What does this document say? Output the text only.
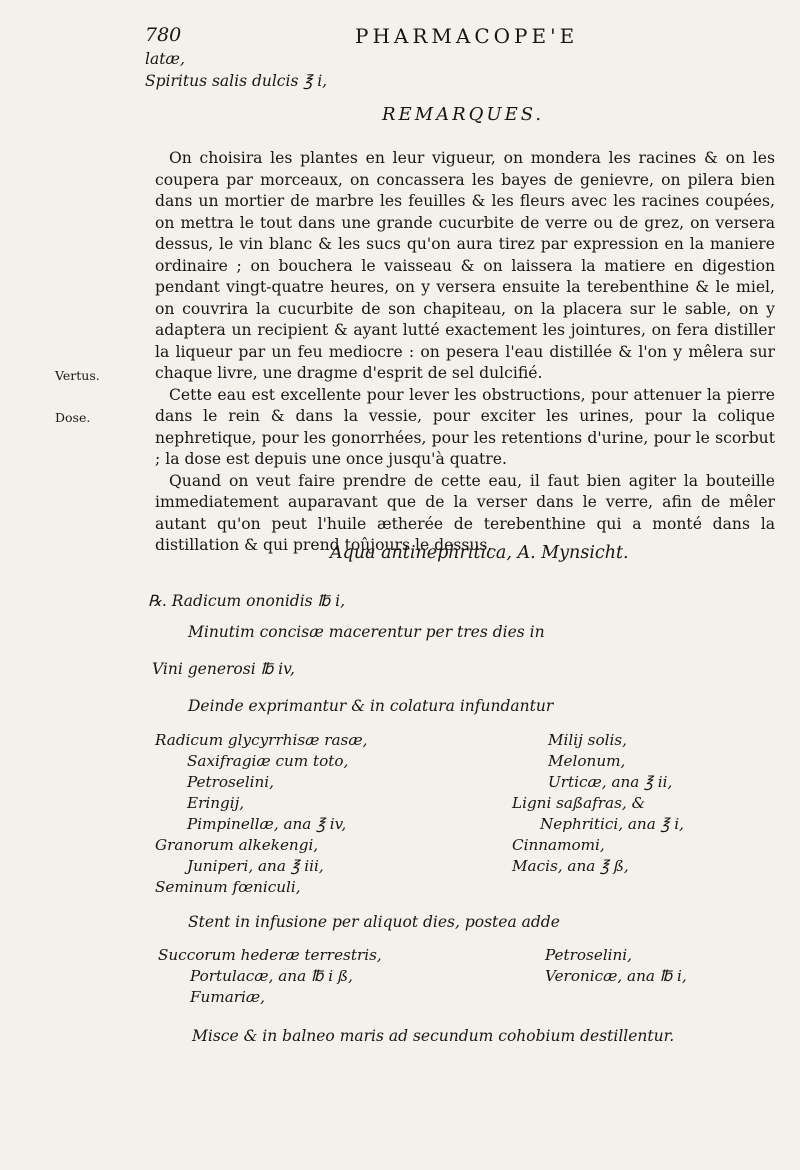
780	PHARMACOPE'E
latæ,
Spiritus salis dulcis ℥ i,
REMARQUES.

On choisira les plantes en leur vigueur, on mondera les racines & on les coupera par morceaux, on concassera les bayes de genievre, on pilera bien dans un mortier de marbre les feuilles & les fleurs avec les racines coupées, on mettra le tout dans une grande cucurbite de verre ou de grez, on versera dessus, le vin blanc & les sucs qu'on aura tirez par expression en la maniere ordinaire ; on bouchera le vaisseau & on laissera la matiere en digestion pendant vingt-quatre heures, on y versera ensuite la terebenthine & le miel, on couvrira la cucurbite de son chapiteau, on la placera sur le sable, on y adaptera un recipient & ayant lutté exactement les jointures, on fera distiller la liqueur par un feu mediocre : on pesera l'eau distillée & l'on y mêlera sur chaque livre, une dragme d'esprit de sel dulcifié.

Cette eau est excellente pour lever les obstructions, pour attenuer la pierre dans le rein & dans la vessie, pour exciter les urines, pour la colique nephretique, pour les gonorrhées, pour les retentions d'urine, pour le scorbut ; la dose est depuis une once jusqu'à quatre.

Quand on veut faire prendre de cette eau, il faut bien agiter la bouteille immediatement auparavant que de la verser dans le verre, afin de mêler autant qu'on peut l'huile ætherée de terebenthine qui a monté dans la distillation & qui prend toûjours le dessus.

Vertus.
Dose.
Aqua antinephritica, A. Mynsicht.
℞. Radicum ononidis ℔ i,
Minutim concisæ macerentur per tres dies in
Vini generosi ℔ iv,
Deinde exprimantur & in colatura infundantur
Radicum glycyrrhisæ rasæ,
Saxifragiæ cum toto,
Petroselini,
Eringij,
Pimpinellæ, ana ℥ iv,
Granorum alkekengi,
Juniperi, ana ℥ iii,
Seminum fœniculi,
Milij solis,
Melonum,
Urticæ, ana ℥ ii,
Ligni saßafras, &
Nephritici, ana ℥ i,
Cinnamomi,
Macis, ana ℥ ß,
Stent in infusione per aliquot dies, postea adde
Succorum hederæ terrestris,
Portulacæ, ana ℔ i ß,
Fumariæ,
Petroselini,
Veronicæ, ana ℔ i,
Misce & in balneo maris ad secundum cohobium destillentur.
